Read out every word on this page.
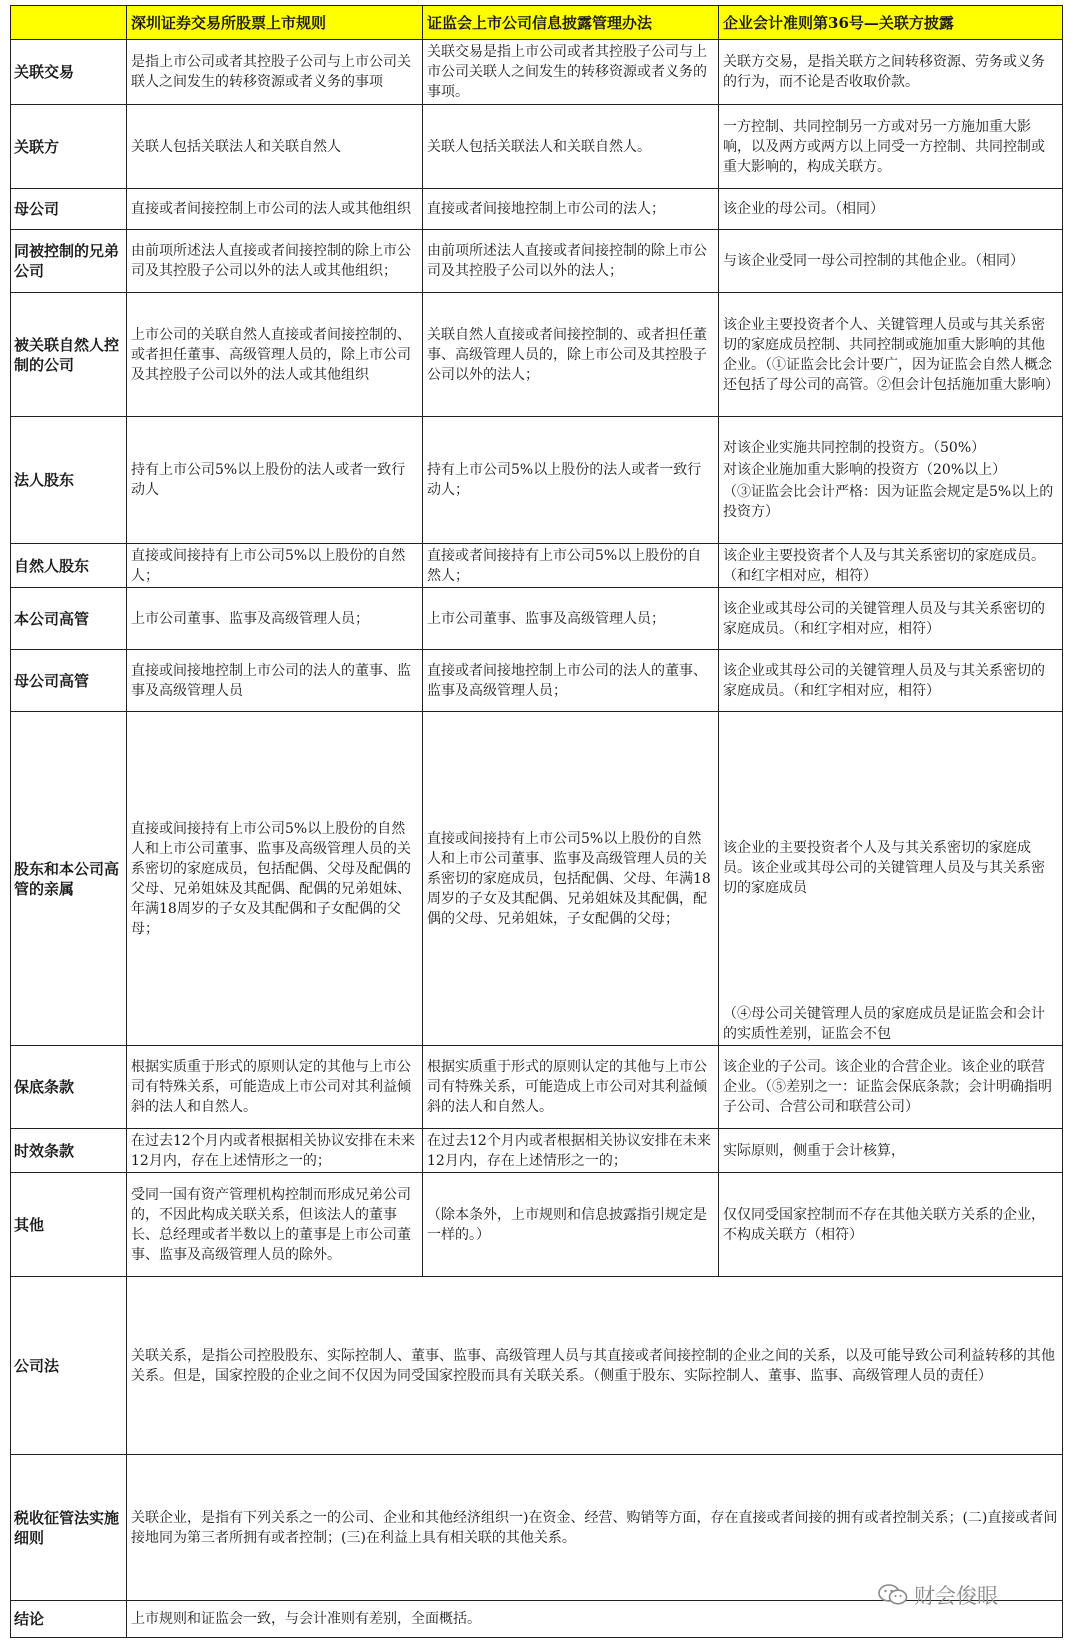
	深圳证券交易所股票上市规则	证监会上市公司信息披露管理办法	企业会计准则第36号—关联方披露
关联交易	是指上市公司或者其控股子公司与上市公司关联人之间发生的转移资源或者义务的事项	关联交易是指上市公司或者其控股子公司与上市公司关联人之间发生的转移资源或者义务的事项。	关联方交易，是指关联方之间转移资源、劳务或义务的行为，而不论是否收取价款。
关联方	关联人包括关联法人和关联自然人	关联人包括关联法人和关联自然人。	一方控制、共同控制另一方或对另一方施加重大影响，以及两方或两方以上同受一方控制、共同控制或重大影响的，构成关联方。
母公司	直接或者间接控制上市公司的法人或其他组织	直接或者间接地控制上市公司的法人；	该企业的母公司。（相同）
同被控制的兄弟公司	由前项所述法人直接或者间接控制的除上市公司及其控股子公司以外的法人或其他组织；	由前项所述法人直接或者间接控制的除上市公司及其控股子公司以外的法人；	与该企业受同一母公司控制的其他企业。（相同）
被关联自然人控制的公司	上市公司的关联自然人直接或者间接控制的、或者担任董事、高级管理人员的，除上市公司及其控股子公司以外的法人或其他组织	关联自然人直接或者间接控制的、或者担任董事、高级管理人员的，除上市公司及其控股子公司以外的法人；	该企业主要投资者个人、关键管理人员或与其关系密切的家庭成员控制、共同控制或施加重大影响的其他企业。（①证监会比会计要广，因为证监会自然人概念还包括了母公司的高管。②但会计包括施加重大影响）
法人股东	持有上市公司5%以上股份的法人或者一致行动人	持有上市公司5%以上股份的法人或者一致行动人；	对该企业实施共同控制的投资方。（50%）
对该企业施加重大影响的投资方（20%以上）
（③证监会比会计严格：因为证监会规定是5%以上的投资方）

自然人股东	直接或间接持有上市公司5%以上股份的自然人；	直接或者间接持有上市公司5%以上股份的自然人；	该企业主要投资者个人及与其关系密切的家庭成员。（和红字相对应，相符）
本公司高管	上市公司董事、监事及高级管理人员；	上市公司董事、监事及高级管理人员；	该企业或其母公司的关键管理人员及与其关系密切的家庭成员。（和红字相对应，相符）
母公司高管	直接或间接地控制上市公司的法人的董事、监事及高级管理人员	直接或者间接地控制上市公司的法人的董事、监事及高级管理人员；	该企业或其母公司的关键管理人员及与其关系密切的家庭成员。（和红字相对应，相符）
股东和本公司高管的亲属	直接或间接持有上市公司5%以上股份的自然人和上市公司董事、监事及高级管理人员的关系密切的家庭成员，包括配偶、父母及配偶的父母、兄弟姐妹及其配偶、配偶的兄弟姐妹、年满18周岁的子女及其配偶和子女配偶的父母；	直接或间接持有上市公司5%以上股份的自然人和上市公司董事、监事及高级管理人员的关系密切的家庭成员，包括配偶、父母、年满18周岁的子女及其配偶、兄弟姐妹及其配偶，配偶的父母、兄弟姐妹，子女配偶的父母；	该企业的主要投资者个人及与其关系密切的家庭成员。该企业或其母公司的关键管理人员及与其关系密切的家庭成员
（④母公司关键管理人员的家庭成员是证监会和会计的实质性差别，证监会不包

保底条款	根据实质重于形式的原则认定的其他与上市公司有特殊关系，可能造成上市公司对其利益倾斜的法人和自然人。	根据实质重于形式的原则认定的其他与上市公司有特殊关系，可能造成上市公司对其利益倾斜的法人和自然人。	该企业的子公司。该企业的合营企业。该企业的联营企业。（⑤差别之一：证监会保底条款；会计明确指明子公司、合营公司和联营公司）
时效条款	在过去12个月内或者根据相关协议安排在未来12月内，存在上述情形之一的；	在过去12个月内或者根据相关协议安排在未来12月内，存在上述情形之一的；	实际原则，侧重于会计核算，
其他	受同一国有资产管理机构控制而形成兄弟公司的，不因此构成关联关系，但该法人的董事长、总经理或者半数以上的董事是上市公司董事、监事及高级管理人员的除外。	（除本条外，上市规则和信息披露指引规定是一样的。）	仅仅同受国家控制而不存在其他关联方关系的企业，不构成关联方（相符）
公司法	关联关系，是指公司控股股东、实际控制人、董事、监事、高级管理人员与其直接或者间接控制的企业之间的关系，以及可能导致公司利益转移的其他关系。但是，国家控股的企业之间不仅因为同受国家控股而具有关联关系。（侧重于股东、实际控制人、董事、监事、高级管理人员的责任）		
税收征管法实施细则	关联企业，是指有下列关系之一的公司、企业和其他经济组织一)在资金、经营、购销等方面，存在直接或者间接的拥有或者控制关系；(二)直接或者间接地同为第三者所拥有或者控制；(三)在利益上具有相关联的其他关系。		
结论	上市规则和证监会一致，与会计准则有差别，全面概括。		
财会俊眼
